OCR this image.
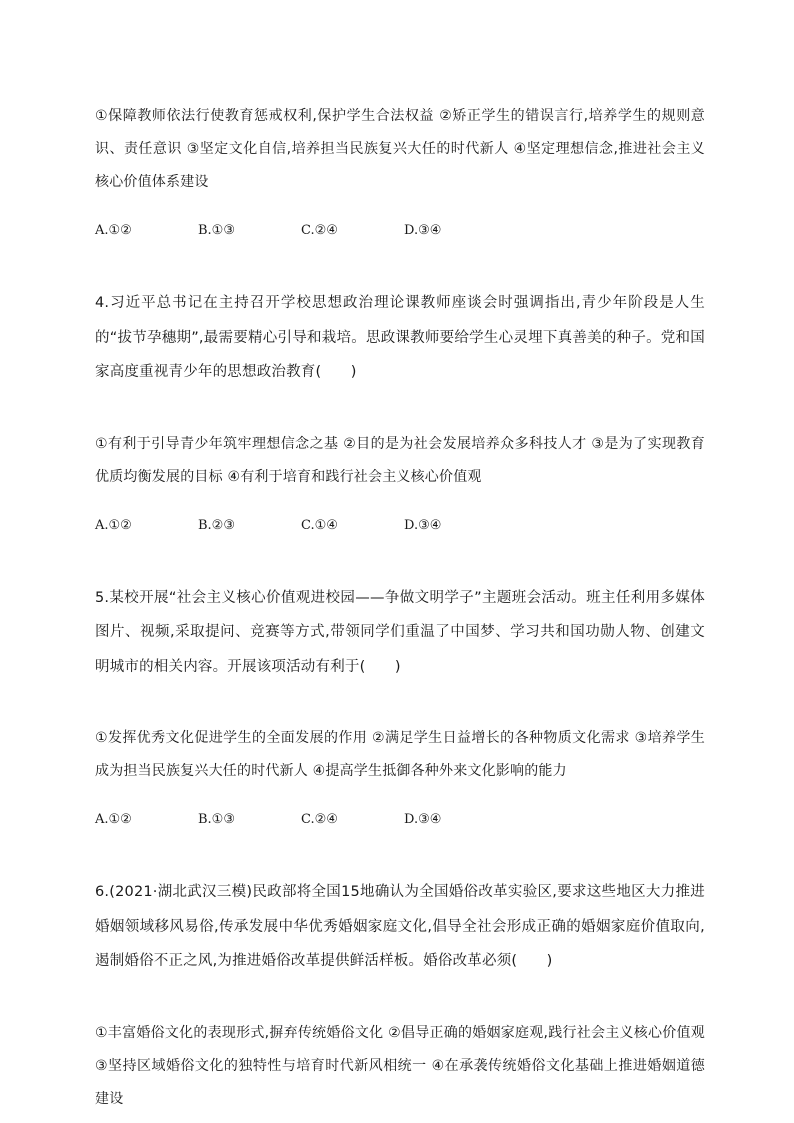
①保障教师依法行使教育惩戒权利,保护学生合法权益 ②矫正学生的错误言行,培养学生的规则意识、责任意识 ③坚定文化自信,培养担当民族复兴大任的时代新人 ④坚定理想信念,推进社会主义核心价值体系建设

A.①②	B.①③	C.②④	D.③④

4.习近平总书记在主持召开学校思想政治理论课教师座谈会时强调指出,青少年阶段是人生的“拔节孕穗期”,最需要精心引导和栽培。思政课教师要给学生心灵埋下真善美的种子。党和国家高度重视青少年的思想政治教育(　　)

①有利于引导青少年筑牢理想信念之基 ②目的是为社会发展培养众多科技人才 ③是为了实现教育优质均衡发展的目标 ④有利于培育和践行社会主义核心价值观

A.①②	B.②③	C.①④	D.③④

5.某校开展“社会主义核心价值观进校园——争做文明学子”主题班会活动。班主任利用多媒体图片、视频,采取提问、竞赛等方式,带领同学们重温了中国梦、学习共和国功勋人物、创建文明城市的相关内容。开展该项活动有利于(　　)

①发挥优秀文化促进学生的全面发展的作用 ②满足学生日益增长的各种物质文化需求 ③培养学生成为担当民族复兴大任的时代新人 ④提高学生抵御各种外来文化影响的能力

A.①②	B.①③	C.②④	D.③④

6.(2021·湖北武汉三模)民政部将全国15地确认为全国婚俗改革实验区,要求这些地区大力推进婚姻领域移风易俗,传承发展中华优秀婚姻家庭文化,倡导全社会形成正确的婚姻家庭价值取向,遏制婚俗不正之风,为推进婚俗改革提供鲜活样板。婚俗改革必须(　　)

①丰富婚俗文化的表现形式,摒弃传统婚俗文化 ②倡导正确的婚姻家庭观,践行社会主义核心价值观 ③坚持区域婚俗文化的独特性与培育时代新风相统一 ④在承袭传统婚俗文化基础上推进婚姻道德建设
